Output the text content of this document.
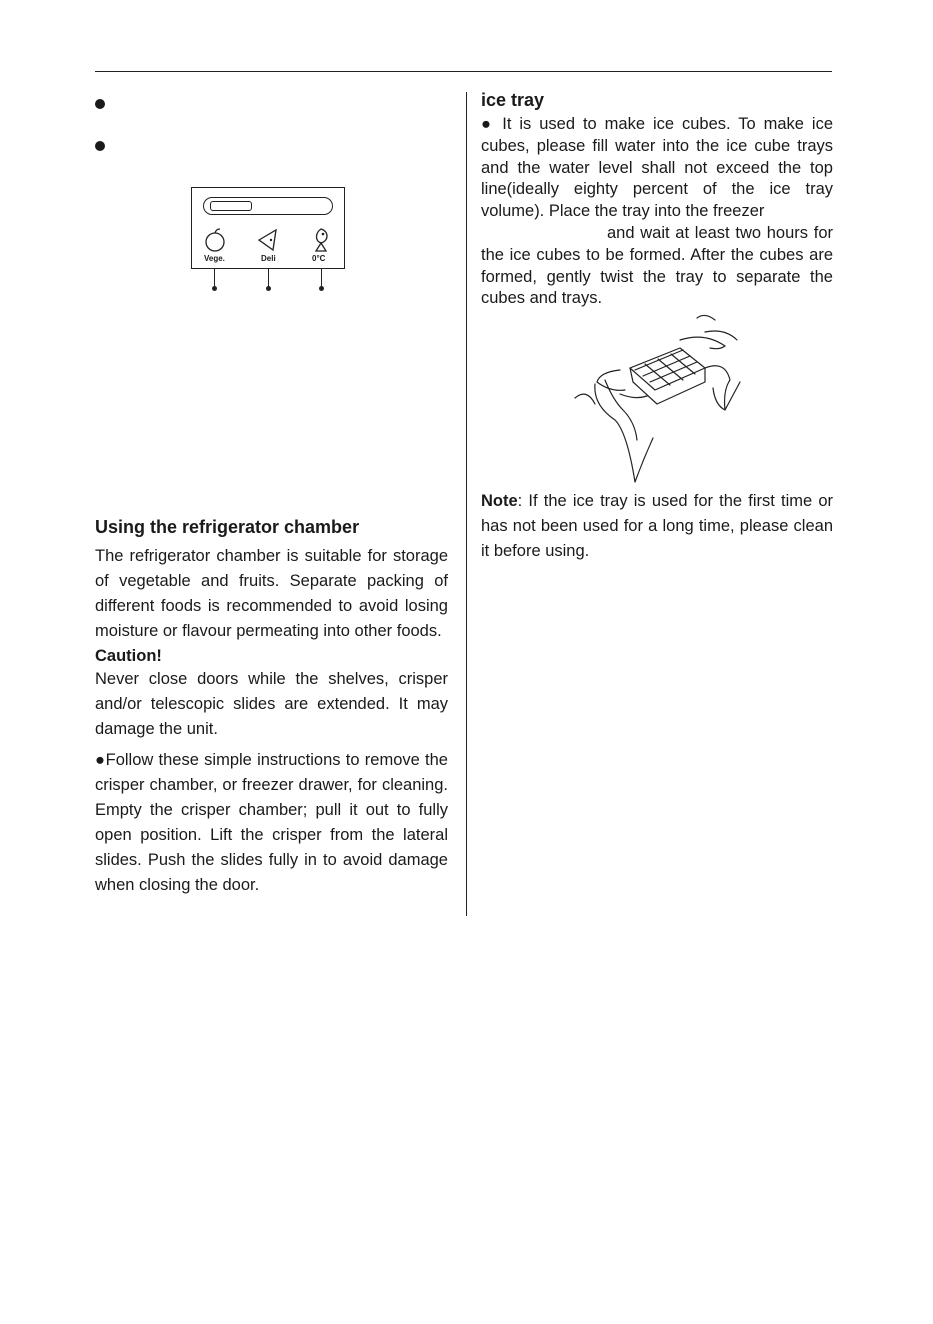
Vege.	Deli	0°C
Using the refrigerator chamber

The refrigerator chamber is suitable for storage of vegetable and fruits. Separate packing of different foods is recommended to avoid losing moisture or flavour permeating into other foods.

Caution!

Never close doors while the shelves, crisper and/or telescopic slides are extended. It may damage the unit.

●Follow these simple instructions to remove the crisper chamber, or freezer drawer, for cleaning. Empty the crisper chamber; pull it out to fully open position. Lift the crisper from the lateral slides. Push the slides fully in to avoid damage when closing the door.

ice tray

● It is used to make ice cubes. To make ice cubes, please fill water into the ice cube trays and the water level shall not exceed the top line(ideally eighty percent of the ice tray volume). Place the tray into the freezer

and wait at least two hours for the ice cubes to be formed. After the cubes are formed, gently twist the tray to separate the cubes and trays.

Note: If the ice tray is used for the first time or has not been used for a long time, please clean it before using.
